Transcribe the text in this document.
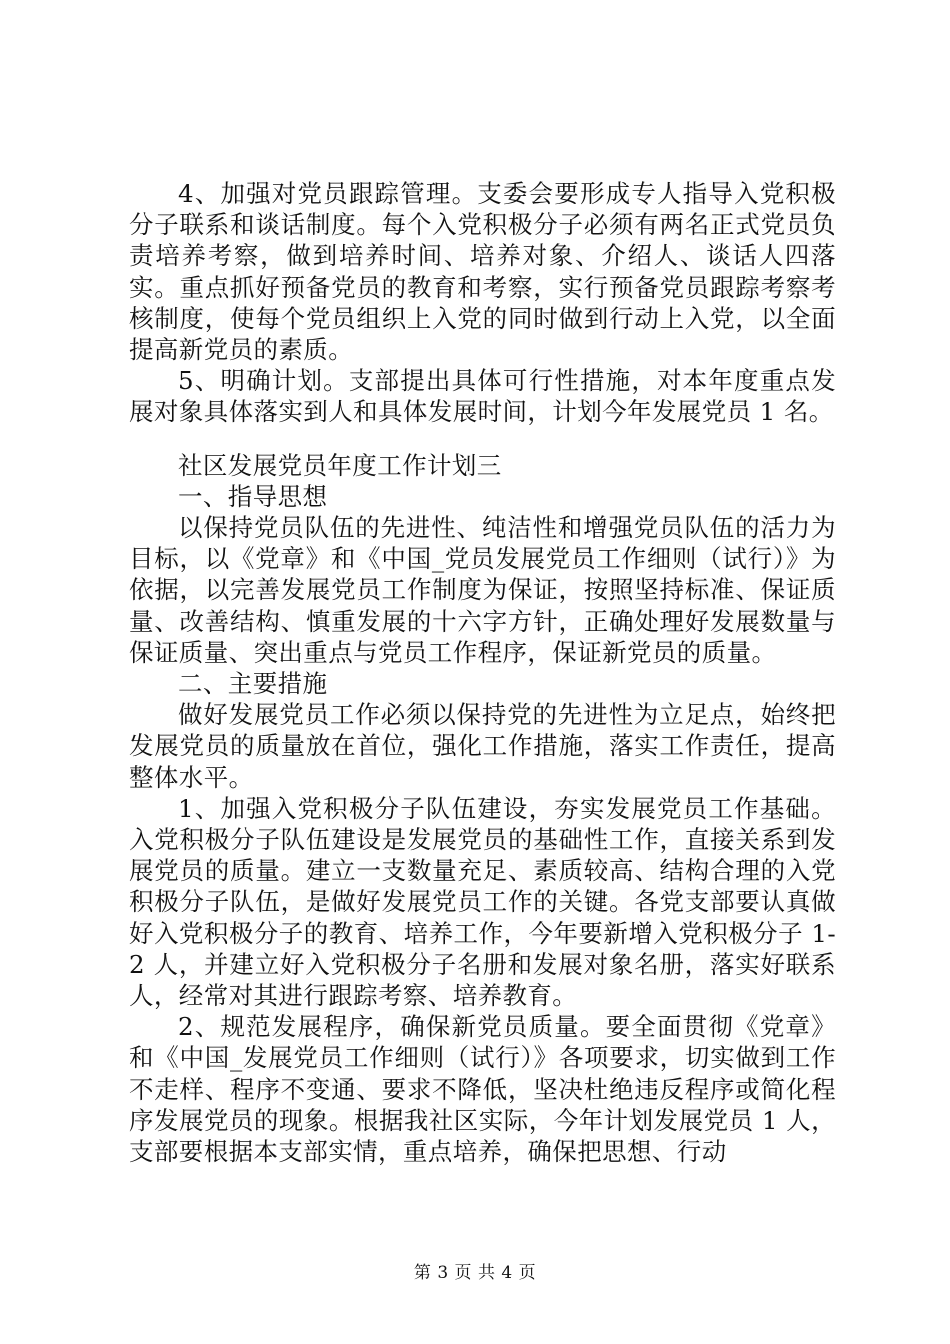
4、加强对党员跟踪管理。支委会要形成专人指导入党积极分子联系和谈话制度。每个入党积极分子必须有两名正式党员负责培养考察，做到培养时间、培养对象、介绍人、谈话人四落实。重点抓好预备党员的教育和考察，实行预备党员跟踪考察考核制度，使每个党员组织上入党的同时做到行动上入党，以全面提高新党员的素质。

5、明确计划。支部提出具体可行性措施，对本年度重点发展对象具体落实到人和具体发展时间，计划今年发展党员 1 名。

社区发展党员年度工作计划三

一、指导思想

以保持党员队伍的先进性、纯洁性和增强党员队伍的活力为目标，以《党章》和《中国_党员发展党员工作细则（试行）》为依据，以完善发展党员工作制度为保证，按照坚持标准、保证质量、改善结构、慎重发展的十六字方针，正确处理好发展数量与保证质量、突出重点与党员工作程序，保证新党员的质量。

二、主要措施

做好发展党员工作必须以保持党的先进性为立足点，始终把发展党员的质量放在首位，强化工作措施，落实工作责任，提高整体水平。

1、加强入党积极分子队伍建设，夯实发展党员工作基础。入党积极分子队伍建设是发展党员的基础性工作，直接关系到发展党员的质量。建立一支数量充足、素质较高、结构合理的入党积极分子队伍，是做好发展党员工作的关键。各党支部要认真做好入党积极分子的教育、培养工作，今年要新增入党积极分子 1-2 人，并建立好入党积极分子名册和发展对象名册，落实好联系人，经常对其进行跟踪考察、培养教育。

2、规范发展程序，确保新党员质量。要全面贯彻《党章》和《中国_发展党员工作细则（试行）》各项要求，切实做到工作不走样、程序不变通、要求不降低，坚决杜绝违反程序或简化程序发展党员的现象。根据我社区实际，今年计划发展党员 1 人，支部要根据本支部实情，重点培养，确保把思想、行动

第 3 页 共 4 页
